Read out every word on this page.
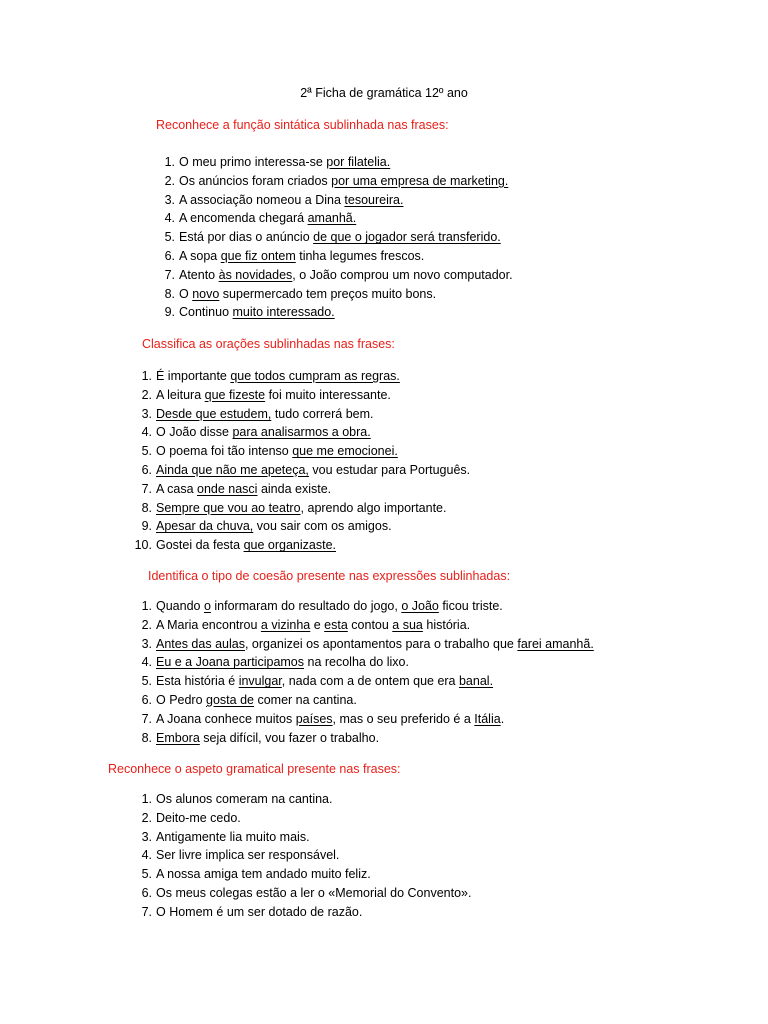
2ª Ficha de gramática 12º ano
Reconhece a função sintática sublinhada nas frases:
1. O meu primo interessa-se por filatelia.
2. Os anúncios foram criados por uma empresa de marketing.
3. A associação nomeou a Dina tesoureira.
4. A encomenda chegará amanhã.
5. Está por dias o anúncio de que o jogador será transferido.
6. A sopa que fiz ontem tinha legumes frescos.
7. Atento às novidades, o João comprou um novo computador.
8. O novo supermercado tem preços muito bons.
9. Continuo muito interessado.
Classifica as orações sublinhadas nas frases:
1. É importante que todos cumpram as regras.
2. A leitura que fizeste foi muito interessante.
3. Desde que estudem, tudo correrá bem.
4. O João disse para analisarmos a obra.
5. O poema foi tão intenso que me emocionei.
6. Ainda que não me apeteça, vou estudar para Português.
7. A casa onde nasci ainda existe.
8. Sempre que vou ao teatro, aprendo algo importante.
9. Apesar da chuva, vou sair com os amigos.
10. Gostei da festa que organizaste.
Identifica o tipo de coesão presente nas expressões sublinhadas:
1. Quando o informaram do resultado do jogo, o João ficou triste.
2. A Maria encontrou a vizinha e esta contou a sua história.
3. Antes das aulas, organizei os apontamentos para o trabalho que farei amanhã.
4. Eu e a Joana participamos na recolha do lixo.
5. Esta história é invulgar, nada com a de ontem que era banal.
6. O Pedro gosta de comer na cantina.
7. A Joana conhece muitos países, mas o seu preferido é a Itália.
8. Embora seja difícil, vou fazer o trabalho.
Reconhece o aspeto gramatical presente nas frases:
1. Os alunos comeram na cantina.
2. Deito-me cedo.
3. Antigamente lia muito mais.
4. Ser livre implica ser responsável.
5. A nossa amiga tem andado muito feliz.
6. Os meus colegas estão a ler o «Memorial do Convento».
7. O Homem é um ser dotado de razão.
